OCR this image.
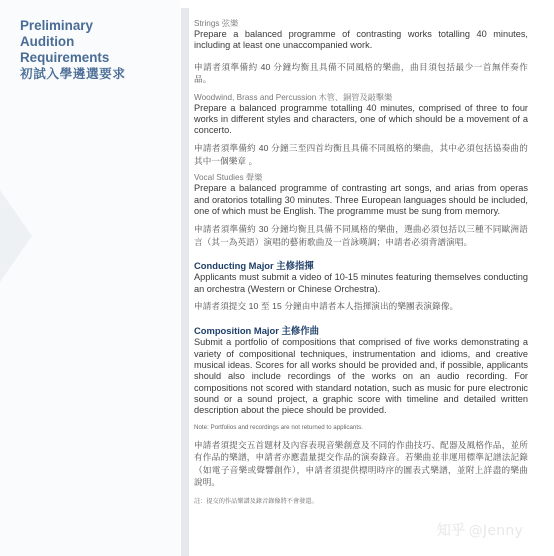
Preliminary
Audition
Requirements
初試入學遴選要求
Strings 弦樂

Prepare a balanced programme of contrasting works totalling 40 minutes, including at least one unaccompanied work.

申請者須準備約 40 分鐘均衡且具備不同風格的樂曲，曲目須包括最少一首無伴奏作品。

Woodwind, Brass and Percussion 木管、銅管及敲擊樂

Prepare a balanced programme totalling 40 minutes, comprised of three to four works in different styles and characters, one of which should be a movement of a concerto.

申請者須準備約 40 分鐘三至四首均衡且具備不同風格的樂曲，其中必須包括協奏曲的其中一個樂章 。

Vocal Studies 聲樂

Prepare a balanced programme of contrasting art songs, and arias from operas and oratorios totalling 30 minutes. Three European languages should be included, one of which must be English. The programme must be sung from memory.

申請者須準備約 30 分鐘均衡且具備不同風格的樂曲，選曲必須包括以三種不同歐洲語言（其一為英語）演唱的藝術歌曲及一首詠嘆調；申請者必須背譜演唱。

Conducting Major 主修指揮

Applicants must submit a video of 10-15 minutes featuring themselves conducting an orchestra (Western or Chinese Orchestra).

申請者須提交 10 至 15 分鐘由申請者本人指揮演出的樂團表演錄像。

Composition Major 主修作曲

Submit a portfolio of compositions that comprised of five works demonstrating a variety of compositional techniques, instrumentation and idioms, and creative musical ideas. Scores for all works should be provided and, if possible, applicants should also include recordings of the works on an audio recording. For compositions not scored with standard notation, such as music for pure electronic sound or a sound project, a graphic score with timeline and detailed written description about the piece should be provided.

Note: Portfolios and recordings are not returned to applicants.

申請者須提交五首题材及內容表現音樂創意及不同的作曲技巧、配器及風格作品，並所有作品的樂譜，申請者亦應盡量提交作品的演奏錄音。若樂曲並非運用標準記譜法記錄（如電子音樂或聲響創作），申請者須提供標明時序的圖表式樂譜，並附上詳盡的樂曲說明。

註：提交的作品樂譜及錄音錄像將不會發還。
知乎 @Jenny
